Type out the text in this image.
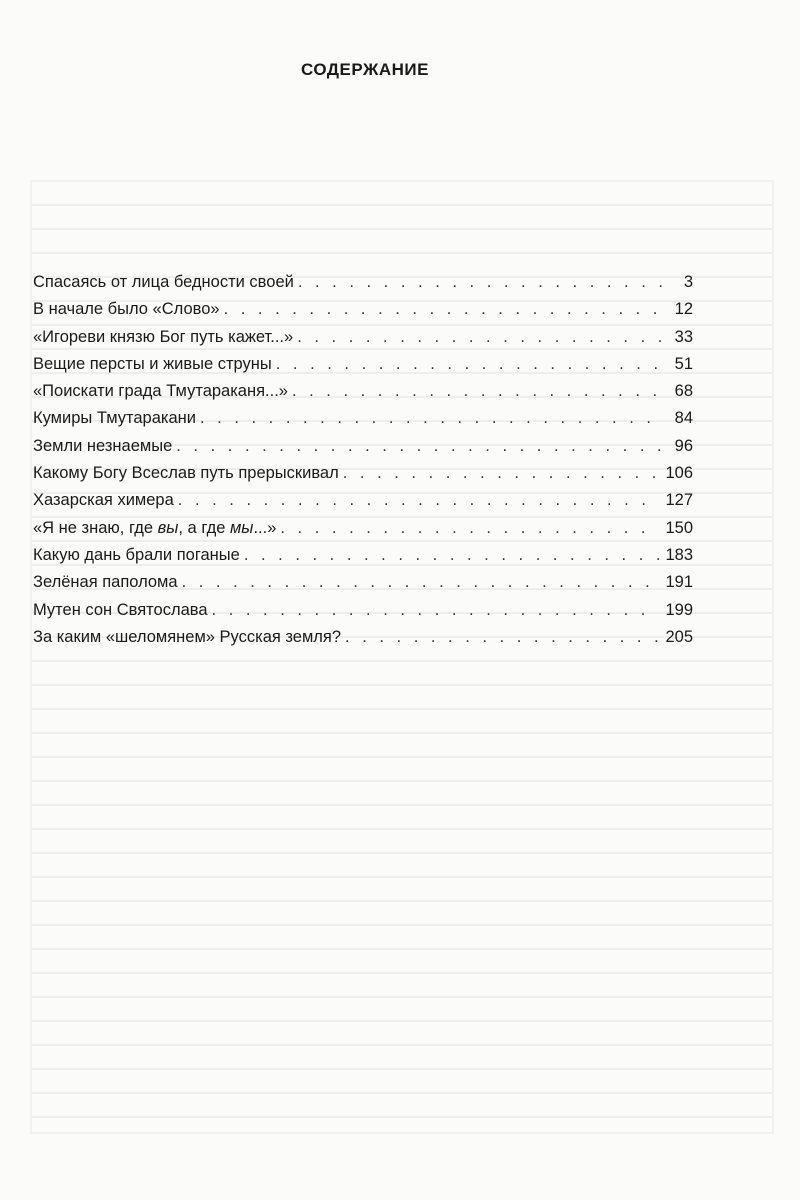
СОДЕРЖАНИЕ
Спасаясь от лица бедности своей . . .	3
В начале было «Слово» . . .	12
«Игореви князю Бог путь кажет...» . . .	33
Вещие персты и живые струны . . .	51
«Поискати града Тмутараканя...» . . .	68
Кумиры Тмутаракани . . .	84
Земли незнаемые . . .	96
Какому Богу Всеслав путь прерыскивал . . .	106
Хазарская химера . . .	127
«Я не знаю, где вы, а где мы...» . . .	150
Какую дань брали поганые . . .	183
Зелёная паполома . . .	191
Мутен сон Святослава . . .	199
За каким «шеломянем» Русская земля? . . .	205
